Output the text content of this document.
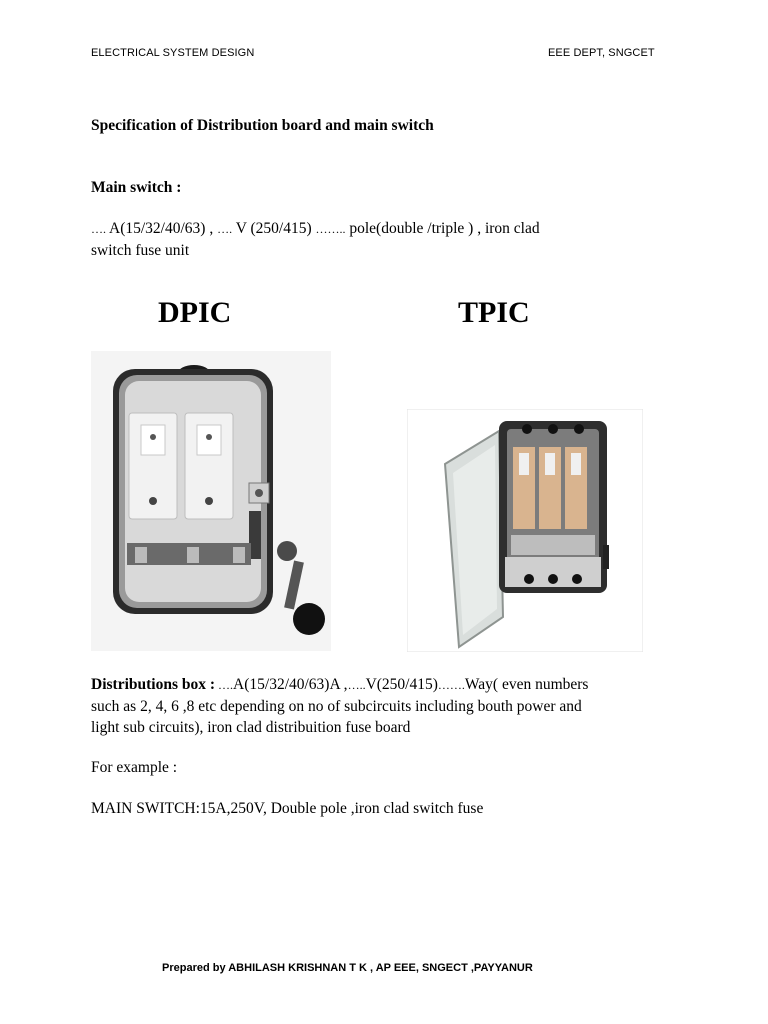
ELECTRICAL SYSTEM DESIGN	EEE DEPT, SNGCET
Specification of Distribution board and main switch
Main switch :
…. A(15/32/40/63) , …. V (250/415) …….. pole(double /triple ) , iron clad
switch fuse unit
DPIC	TPIC
Distributions box : ….A(15/32/40/63)A ,…..V(250/415)…….Way( even numbers
such as 2, 4, 6 ,8 etc depending on no of subcircuits including bouth power and
light sub circuits), iron clad distribuition fuse board
For example :
MAIN SWITCH:15A,250V, Double pole ,iron clad switch fuse
Prepared by ABHILASH KRISHNAN T K , AP EEE, SNGECT ,PAYYANUR
